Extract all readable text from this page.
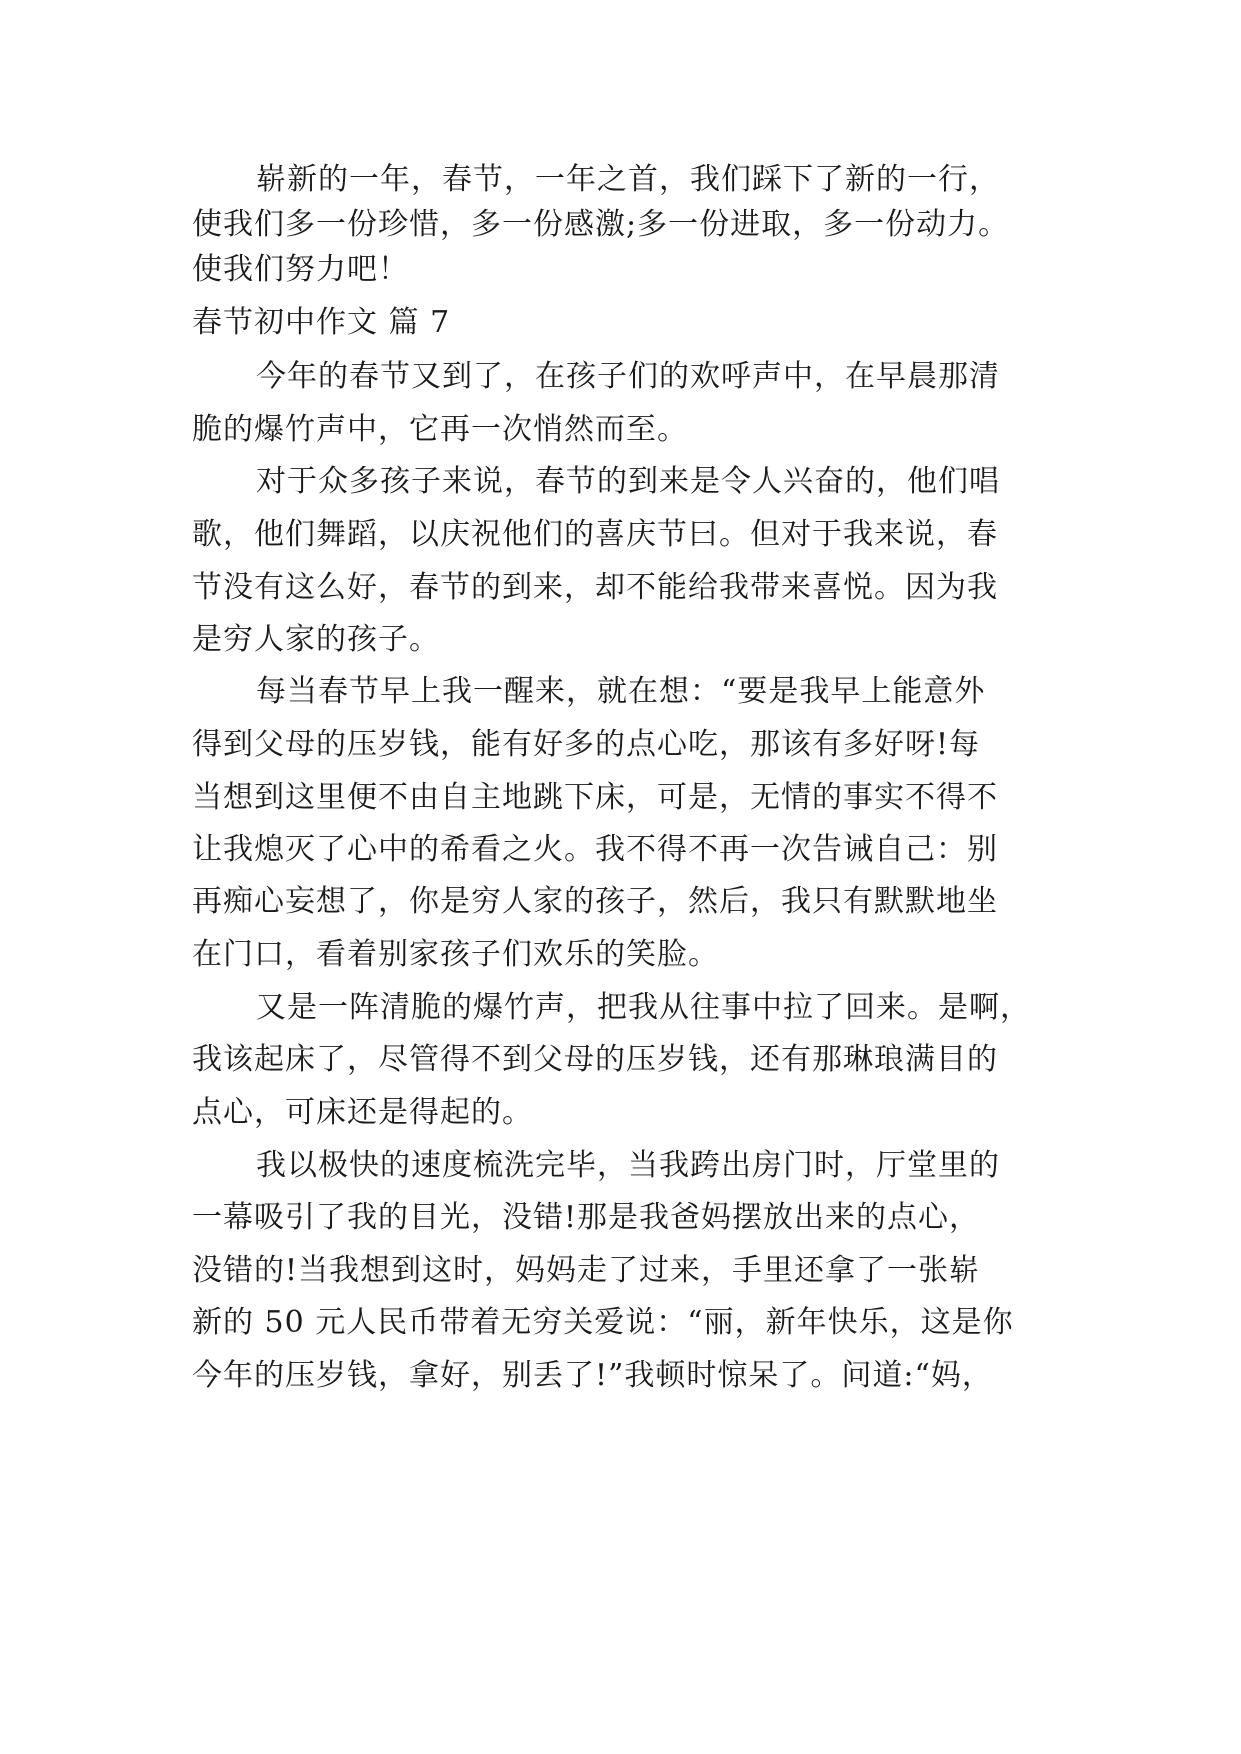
崭新的一年，春节，一年之首，我们踩下了新的一行，
使我们多一份珍惜，多一份感激;多一份进取，多一份动力。
使我们努力吧！
春节初中作文 篇 7
今年的春节又到了，在孩子们的欢呼声中，在早晨那清
脆的爆竹声中，它再一次悄然而至。
对于众多孩子来说，春节的到来是令人兴奋的，他们唱
歌，他们舞蹈，以庆祝他们的喜庆节曰。但对于我来说，春
节没有这么好，春节的到来，却不能给我带来喜悦。因为我
是穷人家的孩子。
每当春节早上我一醒来，就在想：“要是我早上能意外
得到父母的压岁钱，能有好多的点心吃，那该有多好呀!每
当想到这里便不由自主地跳下床，可是，无情的事实不得不
让我熄灭了心中的希看之火。我不得不再一次告诫自己：别
再痴心妄想了，你是穷人家的孩子，然后，我只有默默地坐
在门口，看着别家孩子们欢乐的笑脸。
又是一阵清脆的爆竹声，把我从往事中拉了回来。是啊，
我该起床了，尽管得不到父母的压岁钱，还有那琳琅满目的
点心，可床还是得起的。
我以极快的速度梳洗完毕，当我跨出房门时，厅堂里的
一幕吸引了我的目光，没错!那是我爸妈摆放出来的点心，
没错的!当我想到这时，妈妈走了过来，手里还拿了一张崭
新的 50 元人民币带着无穷关爱说：“丽，新年快乐，这是你
今年的压岁钱，拿好，别丢了!”我顿时惊呆了。问道:“妈，
